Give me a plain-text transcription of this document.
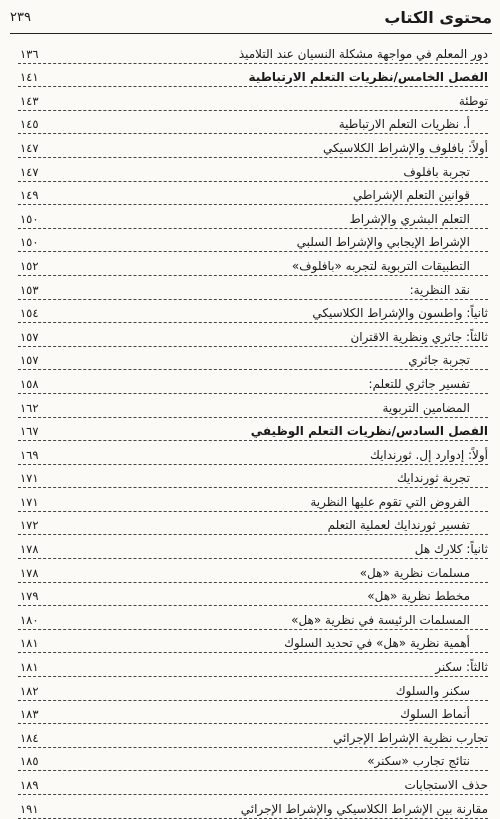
محتوى الكتاب
٢٣٩
دور المعلم في مواجهة مشكلة النسيان عند التلاميذ
١٣٦
الفصل الخامس/نظريات التعلم الارتباطية
١٤١
توطئة
١٤٣
أ. نظريات التعلم الارتباطية
١٤٥
أولاً: بافلوف والإشراط الكلاسيكي
١٤٧
تجربة بافلوف
١٤٧
قوانين التعلم الإشراطي
١٤٩
التعلم البشري والإشراط
١٥٠
الإشراط الإيجابي والإشراط السلبي
١٥٠
التطبيقات التربوية لتجربه «بافلوف»
١٥٢
نقد النظرية:
١٥٣
ثانياً: واطسون والإشراط الكلاسيكي
١٥٤
ثالثاً: جاثري ونظرية الاقتران
١٥٧
تجربة جاثري
١٥٧
تفسير جاثري للتعلم:
١٥٨
المضامين التربوية
١٦٢
الفصل السادس/نظريات التعلم الوظيفي
١٦٧
أولاً: إدوارد إل. ثورندايك
١٦٩
تجربة ثورندايك
١٧١
الفروض التي تقوم عليها النظرية
١٧١
تفسير ثورندايك لعملية التعلم
١٧٢
ثانياً: كلارك هل
١٧٨
مسلمات نظرية «هل»
١٧٨
مخطط نظرية «هل»
١٧٩
المسلمات الرئيسة في نظرية «هل»
١٨٠
أهمية نظرية «هل» في تحديد السلوك
١٨١
ثالثاً: سكنر
١٨١
سكنر والسلوك
١٨٢
أنماط السلوك
١٨٣
تجارب نظرية الإشراط الإجرائي
١٨٤
نتائج تجارب «سكنر»
١٨٥
حذف الاستجابات
١٨٩
مقارنة بين الإشراط الكلاسيكي والإشراط الإجرائي
١٩١
